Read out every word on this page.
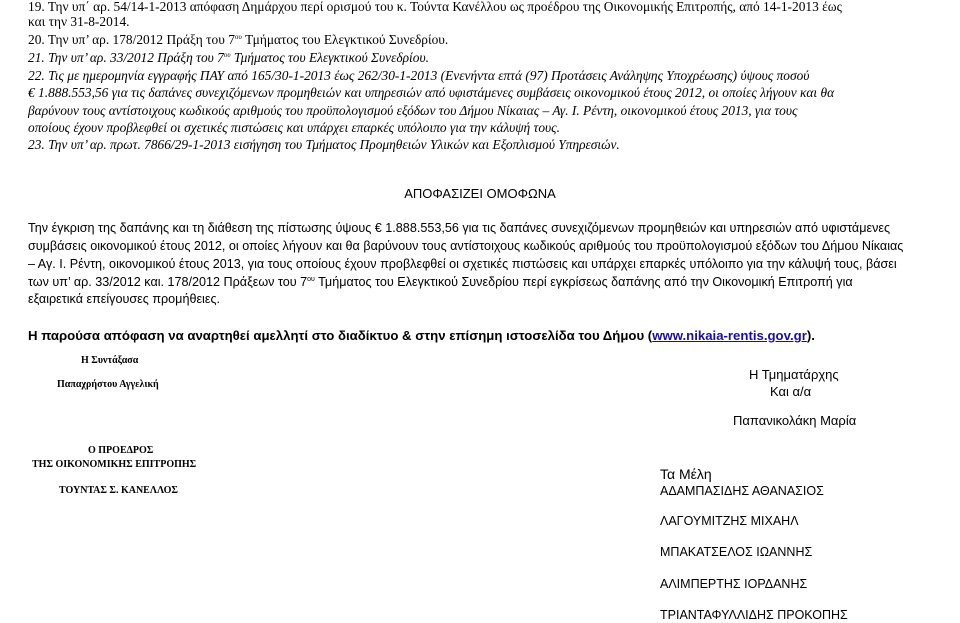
19. Την υπ΄ αρ. 54/14-1-2013 απόφαση Δημάρχου περί ορισμού του κ. Τούντα Κανέλλου ως προέδρου της Οικονομικής Επιτροπής, από 14-1-2013 έως
και την 31-8-2014.
20. Την υπ’ αρ. 178/2012 Πράξη του $7^{o\upsilon}$ Τμήματος του Ελεγκτικού Συνεδρίου.
21. Την υπ’ αρ. 33/2012 Πράξη του $7^{o\upsilon}$ Τμήματος του Ελεγκτικού Συνεδρίου.
22. Τις με ημερομηνία εγγραφής ΠΑΥ από 165/30-1-2013 έως 262/30-1-2013 (Ενενήντα επτά (97) Προτάσεις Ανάληψης Υποχρέωσης) ύψους ποσού
€ 1.888.553,56 για τις δαπάνες συνεχιζόμενων προμηθειών και υπηρεσιών από υφιστάμενες συμβάσεις οικονομικού έτους 2012, οι οποίες λήγουν και θα
βαρύνουν τους αντίστοιχους κωδικούς αριθμούς του προϋπολογισμού εξόδων του Δήμου Νίκαιας – Αγ. Ι. Ρέντη, οικονομικού έτους 2013, για τους
οποίους έχουν προβλεφθεί οι σχετικές πιστώσεις και υπάρχει επαρκές υπόλοιπο για την κάλυψή τους.
23. Την υπ’ αρ. πρωτ. 7866/29-1-2013 εισήγηση του Τμήματος Προμηθειών Υλικών και Εξοπλισμού Υπηρεσιών.
ΑΠΟΦΑΣΙΖΕΙ ΟΜΟΦΩΝΑ
Την έγκριση της δαπάνης και τη διάθεση της πίστωσης ύψους € 1.888.553,56 για τις δαπάνες συνεχιζόμενων προμηθειών και υπηρεσιών από υφιστάμενες
συμβάσεις οικονομικού έτους 2012, οι οποίες λήγουν και θα βαρύνουν τους αντίστοιχους κωδικούς αριθμούς του προϋπολογισμού εξόδων του Δήμου Νίκαιας
– Αγ. Ι. Ρέντη, οικονομικού έτους 2013, για τους οποίους έχουν προβλεφθεί οι σχετικές πιστώσεις και υπάρχει επαρκές υπόλοιπο για την κάλυψή τους, βάσει
των υπ’ αρ. 33/2012 και. 178/2012 Πράξεων του $7^{o\upsilon}$ Τμήματος του Ελεγκτικού Συνεδρίου περί εγκρίσεως δαπάνης από την Οικονομική Επιτροπή για
εξαιρετικά επείγουσες προμήθειες.
Η παρούσα απόφαση να αναρτηθεί αμελλητί στο διαδίκτυο & στην επίσημη ιστοσελίδα του Δήμου (www.nikaia-rentis.gov.gr).
Η Συντάξασα
Παπαχρήστου Αγγελική
Η Τμηματάρχης
Και α/α
Παπανικολάκη Μαρία
Ο ΠΡΟΕΔΡΟΣ
ΤΗΣ ΟΙΚΟΝΟΜΙΚΗΣ ΕΠΙΤΡΟΠΗΣ
ΤΟΥΝΤΑΣ Σ. ΚΑΝΕΛΛΟΣ
Τα Μέλη
ΑΔΑΜΠΑΣΙΔΗΣ ΑΘΑΝΑΣΙΟΣ
ΛΑΓΟΥΜΙΤΖΗΣ ΜΙΧΑΗΛ
ΜΠΑΚΑΤΣΕΛΟΣ ΙΩΑΝΝΗΣ
ΑΛΙΜΠΕΡΤΗΣ ΙΟΡΔΑΝΗΣ
ΤΡΙΑΝΤΑΦΥΛΛΙΔΗΣ ΠΡΟΚΟΠΗΣ
